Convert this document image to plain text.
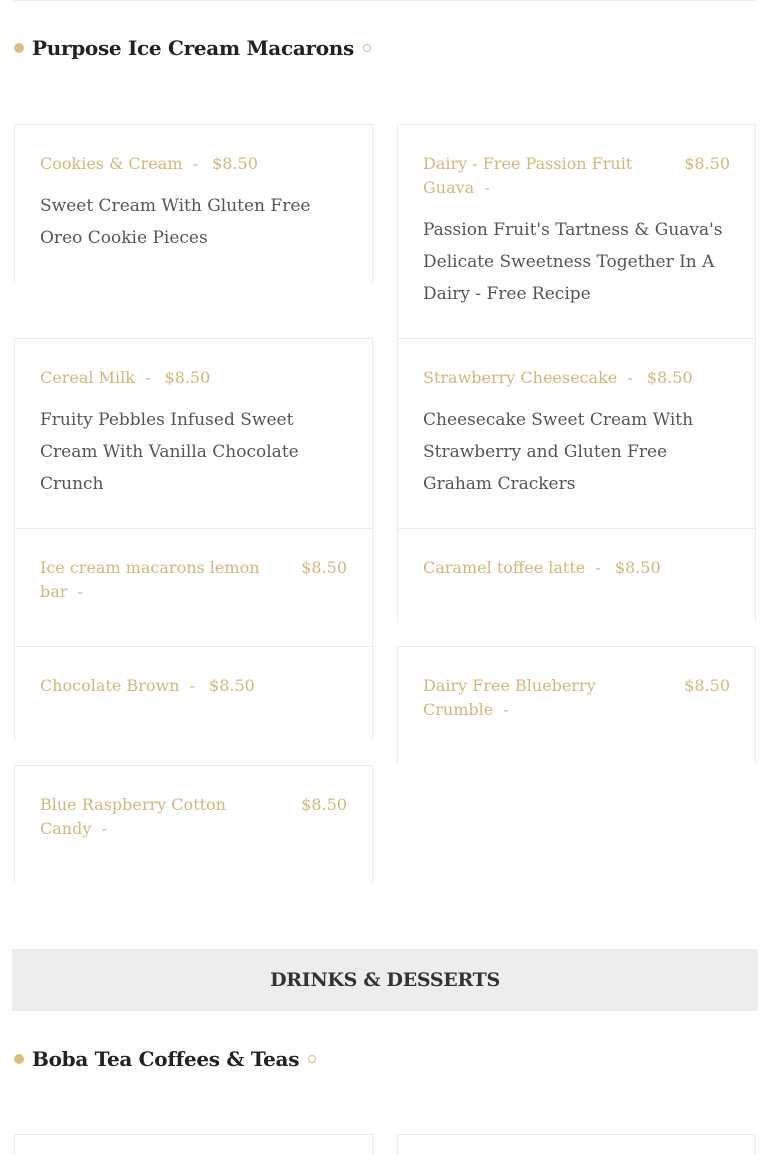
Purpose Ice Cream Macarons
Cookies & Cream - $8.50
Sweet Cream With Gluten Free Oreo Cookie Pieces
Dairy - Free Passion Fruit Guava -
$8.50
Passion Fruit's Tartness & Guava's Delicate Sweetness Together In A Dairy - Free Recipe
Cereal Milk - $8.50
Fruity Pebbles Infused Sweet Cream With Vanilla Chocolate Crunch
Strawberry Cheesecake - $8.50
Cheesecake Sweet Cream With Strawberry and Gluten Free Graham Crackers
Ice cream macarons lemon bar -
$8.50	Caramel toffee latte - $8.50
Chocolate Brown - $8.50	Dairy Free Blueberry Crumble -
$8.50
Blue Raspberry Cotton Candy -
$8.50
DRINKS & DESSERTS
Boba Tea Coffees & Teas
